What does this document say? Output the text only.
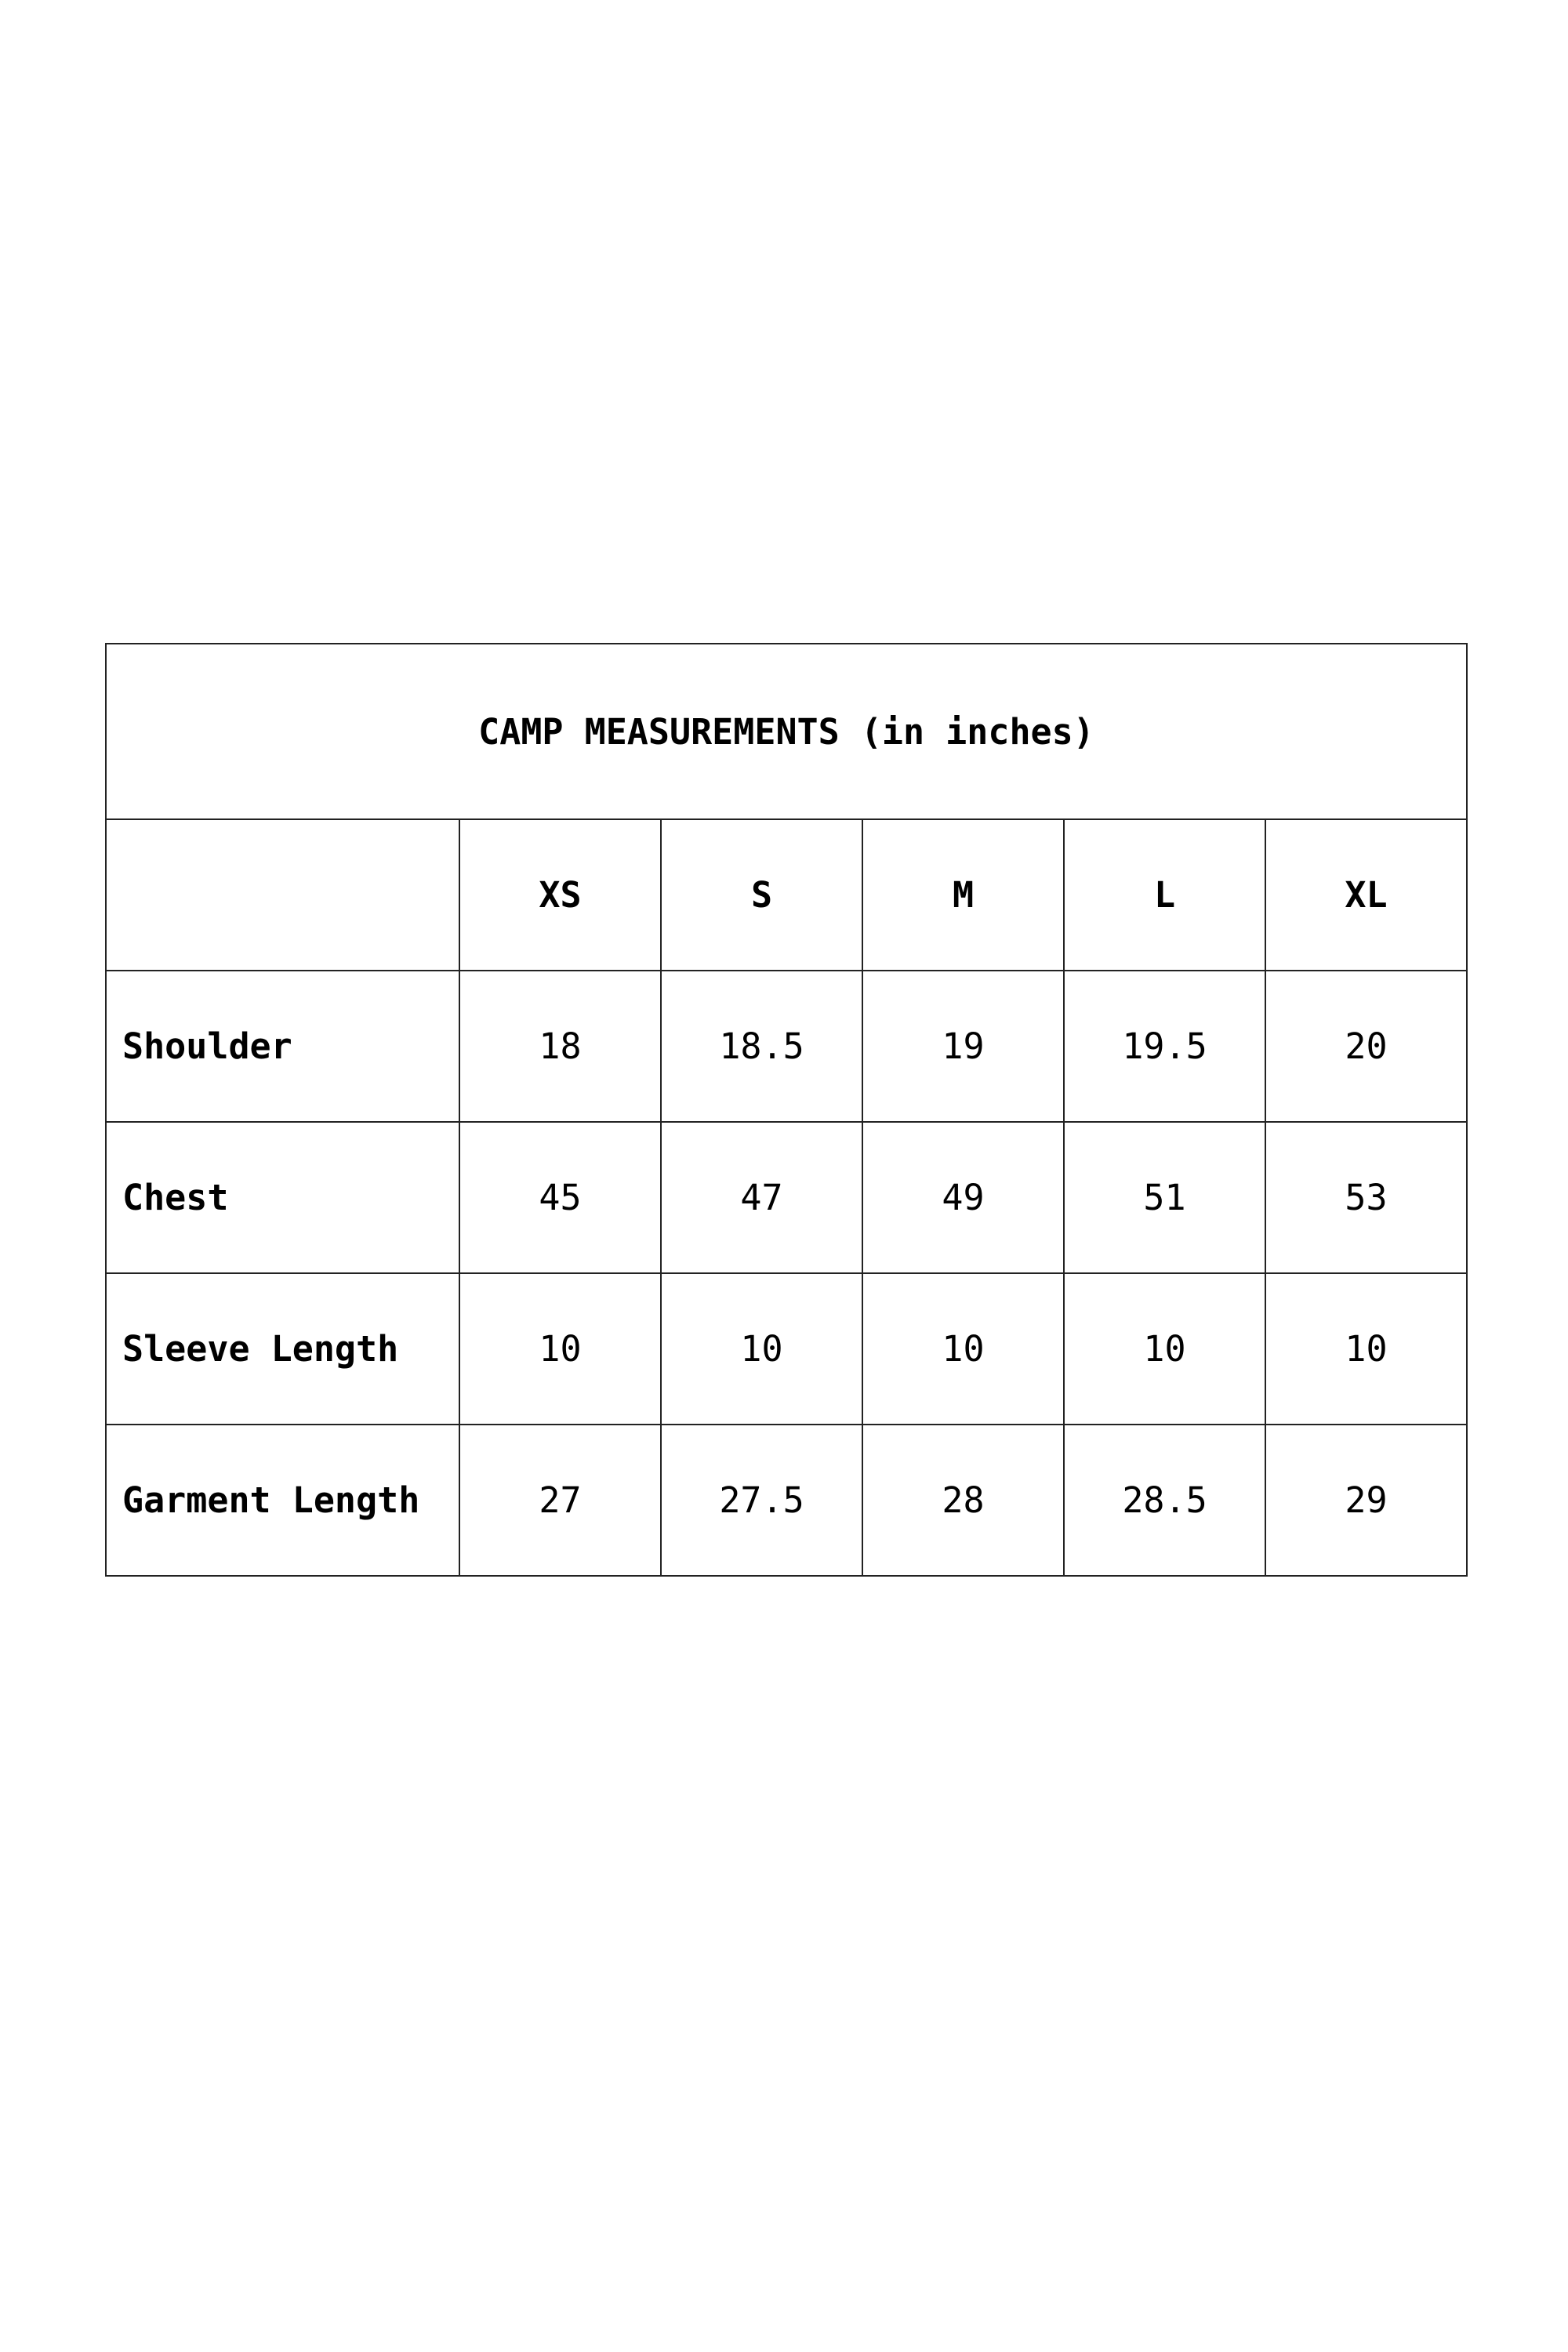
CAMP MEASUREMENTS (in inches)					
	XS	S	M	L	XL
Shoulder	18	18.5	19	19.5	20
Chest	45	47	49	51	53
Sleeve Length	10	10	10	10	10
Garment Length	27	27.5	28	28.5	29
